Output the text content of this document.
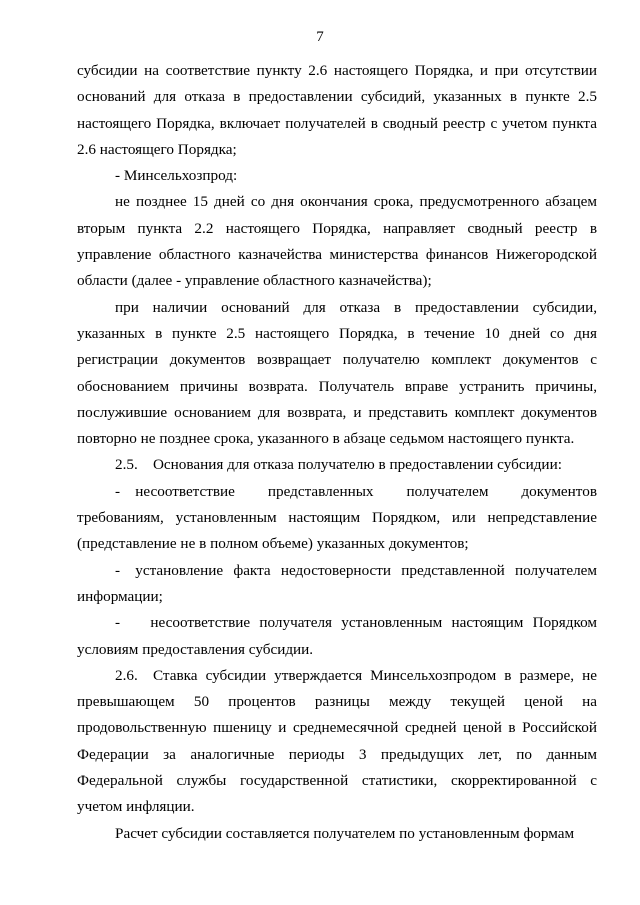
7

субсидии на соответствие пункту 2.6 настоящего Порядка, и при отсутствии оснований для отказа в предоставлении субсидий, указанных в пункте 2.5 настоящего Порядка, включает получателей в сводный реестр с учетом пункта 2.6 настоящего Порядка;

- Минсельхозпрод:

не позднее 15 дней со дня окончания срока, предусмотренного абзацем вторым пункта 2.2 настоящего Порядка, направляет сводный реестр в управление областного казначейства министерства финансов Нижегородской области (далее - управление областного казначейства);

при наличии оснований для отказа в предоставлении субсидии, указанных в пункте 2.5 настоящего Порядка, в течение 10 дней со дня регистрации документов возвращает получателю комплект документов с обоснованием причины возврата. Получатель вправе устранить причины, послужившие основанием для возврата, и представить комплект документов повторно не позднее срока, указанного в абзаце седьмом настоящего пункта.

2.5. Основания для отказа получателю в предоставлении субсидии:

- несоответствие представленных получателем документов требованиям, установленным настоящим Порядком, или непредставление (представление не в полном объеме) указанных документов;

- установление факта недостоверности представленной получателем информации;

-  несоответствие получателя установленным настоящим Порядком условиям предоставления субсидии.

2.6. Ставка субсидии утверждается Минсельхозпродом в размере, не превышающем 50 процентов разницы между текущей ценой на продовольственную пшеницу и среднемесячной средней ценой в Российской Федерации за аналогичные периоды 3 предыдущих лет, по данным Федеральной службы государственной статистики, скорректированной с учетом инфляции.

Расчет субсидии составляется получателем по установленным формам
